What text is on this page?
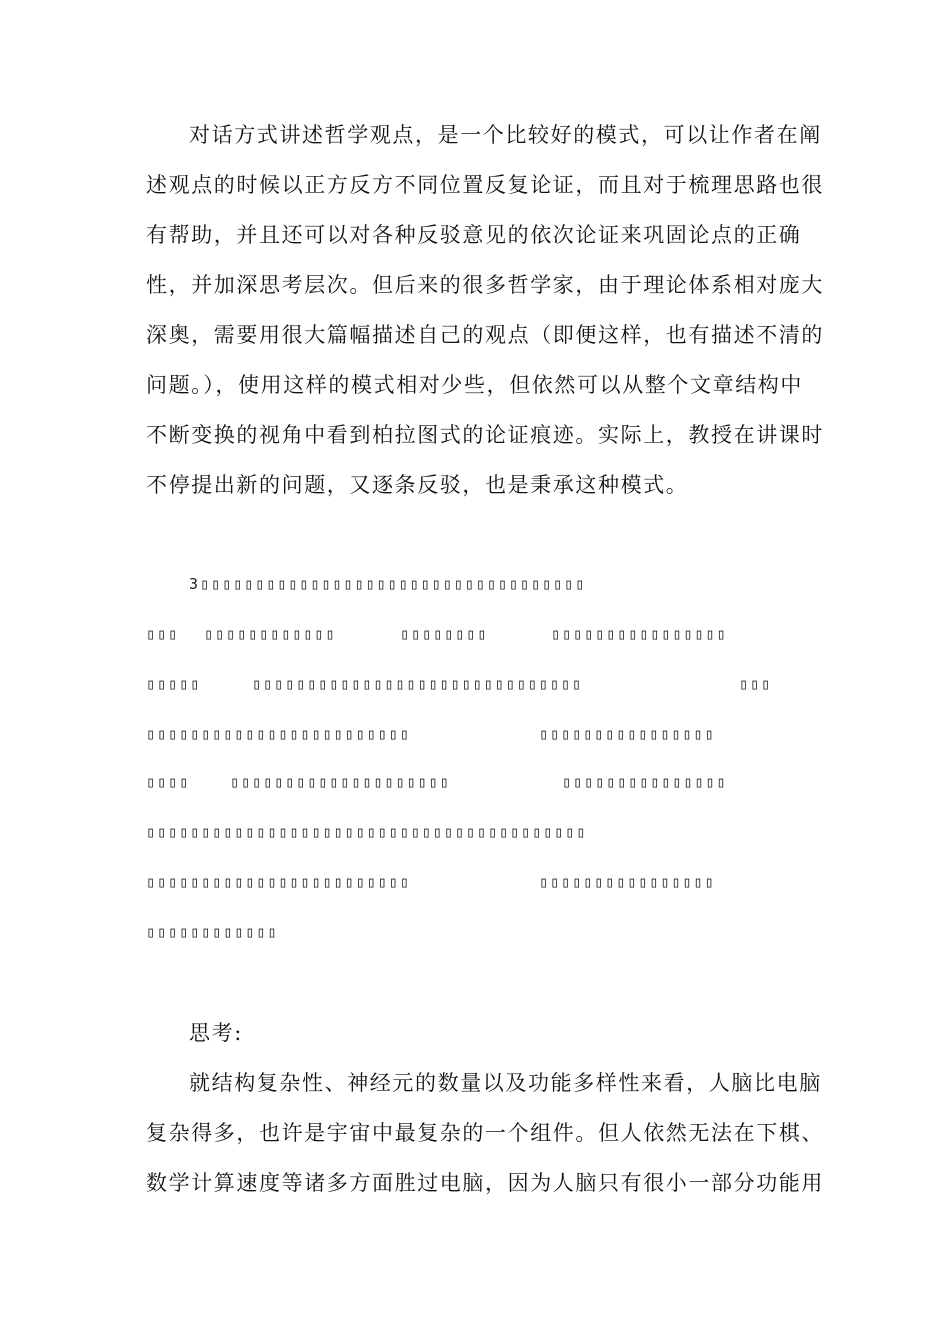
对话方式讲述哲学观点，是一个比较好的模式，可以让作者在阐
述观点的时候以正方反方不同位置反复论证，而且对于梳理思路也很
有帮助，并且还可以对各种反驳意见的依次论证来巩固论点的正确
性，并加深思考层次。但后来的很多哲学家，由于理论体系相对庞大
深奥，需要用很大篇幅描述自己的观点（即便这样，也有描述不清的
问题。），使用这样的模式相对少些，但依然可以从整个文章结构中
不断变换的视角中看到柏拉图式的论证痕迹。实际上，教授在讲课时
不停提出新的问题，又逐条反驳，也是秉承这种模式。
3▯▯▯▯▯▯▯▯▯▯▯▯▯▯▯▯▯▯▯▯▯▯▯▯▯▯▯▯▯▯▯▯▯▯▯
▯▯▯ ▯▯▯▯▯▯▯▯▯▯▯▯	▯▯▯▯▯▯▯▯	▯▯▯▯▯▯▯▯▯▯▯▯▯▯▯▯
▯▯▯▯▯	▯▯▯▯▯▯▯▯▯▯▯▯▯▯▯▯▯▯▯▯▯▯▯▯▯▯▯▯▯▯	▯▯▯
▯▯▯▯▯▯▯▯▯▯▯▯▯▯▯▯▯▯▯▯▯▯▯▯	▯▯▯▯▯▯▯▯▯▯▯▯▯▯▯▯
▯▯▯▯	▯▯▯▯▯▯▯▯▯▯▯▯▯▯▯▯▯▯▯▯	▯▯▯▯▯▯▯▯▯▯▯▯▯▯▯
▯▯▯▯▯▯▯▯▯▯▯▯▯▯▯▯▯▯▯▯▯▯▯▯▯▯▯▯▯▯▯▯▯▯▯▯▯▯▯▯
▯▯▯▯▯▯▯▯▯▯▯▯▯▯▯▯▯▯▯▯▯▯▯▯	▯▯▯▯▯▯▯▯▯▯▯▯▯▯▯▯
▯▯▯▯▯▯▯▯▯▯▯▯
思考:
就结构复杂性、神经元的数量以及功能多样性来看，人脑比电脑
复杂得多，也许是宇宙中最复杂的一个组件。但人依然无法在下棋、
数学计算速度等诸多方面胜过电脑，因为人脑只有很小一部分功能用
